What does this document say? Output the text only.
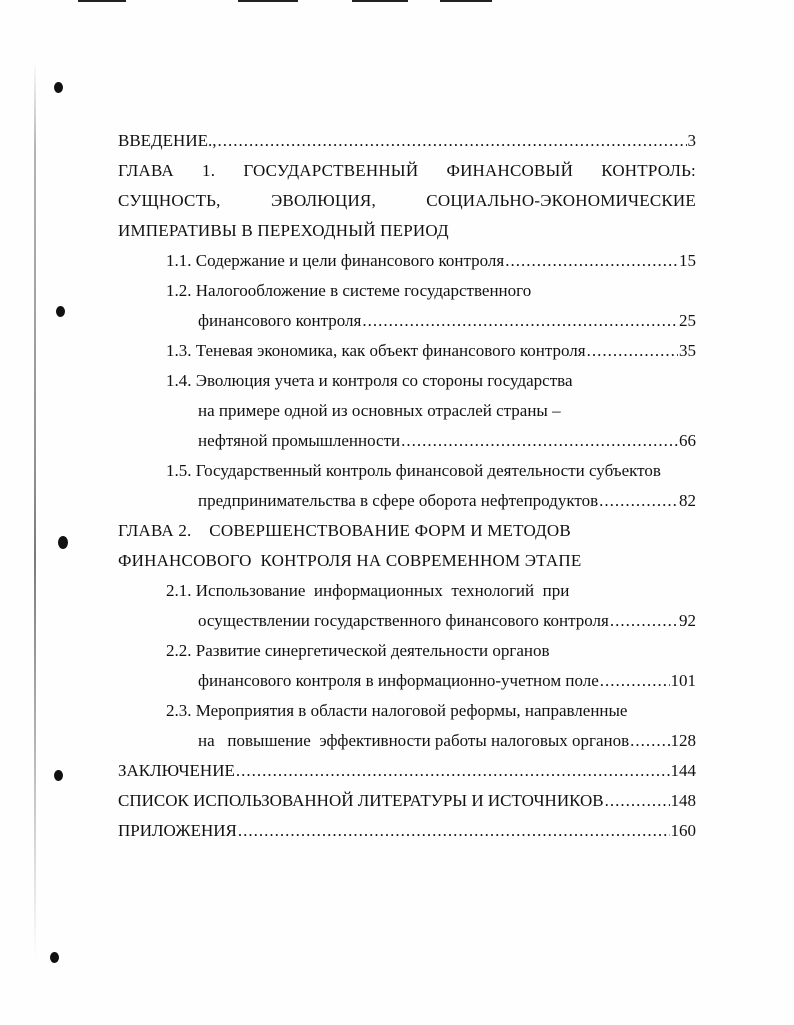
ВВЕДЕНИЕ., .....	3
ГЛАВА 1. ГОСУДАРСТВЕННЫЙ ФИНАНСОВЫЙ КОНТРОЛЬ:
СУЩНОСТЬ,	ЭВОЛЮЦИЯ,	СОЦИАЛЬНО-ЭКОНОМИЧЕСКИЕ
ИМПЕРАТИВЫ В ПЕРЕХОДНЫЙ ПЕРИОД
1.1. Содержание и цели финансового контроля .....	15
1.2. Налогообложение в системе государственного
финансового контроля .....	25
1.3. Теневая экономика, как объект финансового контроля .....	35
1.4. Эволюция учета и контроля со стороны государства
на примере одной из основных отраслей страны –
нефтяной промышленности .....	66
1.5. Государственный контроль финансовой деятельности субъектов
предпринимательства в сфере оборота нефтепродуктов .....	82
ГЛАВА 2.    СОВЕРШЕНСТВОВАНИЕ ФОРМ И МЕТОДОВ
ФИНАНСОВОГО  КОНТРОЛЯ НА СОВРЕМЕННОМ ЭТАПЕ
2.1. Использование  информационных  технологий  при
осуществлении государственного финансового контроля .....	92
2.2. Развитие синергетической деятельности органов
финансового контроля в информационно-учетном поле .....	101
2.3. Мероприятия в области налоговой реформы, направленные
на   повышение  эффективности работы налоговых органов ..... 128
ЗАКЛЮЧЕНИЕ .....	144
СПИСОК ИСПОЛЬЗОВАННОЙ ЛИТЕРАТУРЫ И ИСТОЧНИКОВ .....	148
ПРИЛОЖЕНИЯ .....	160
